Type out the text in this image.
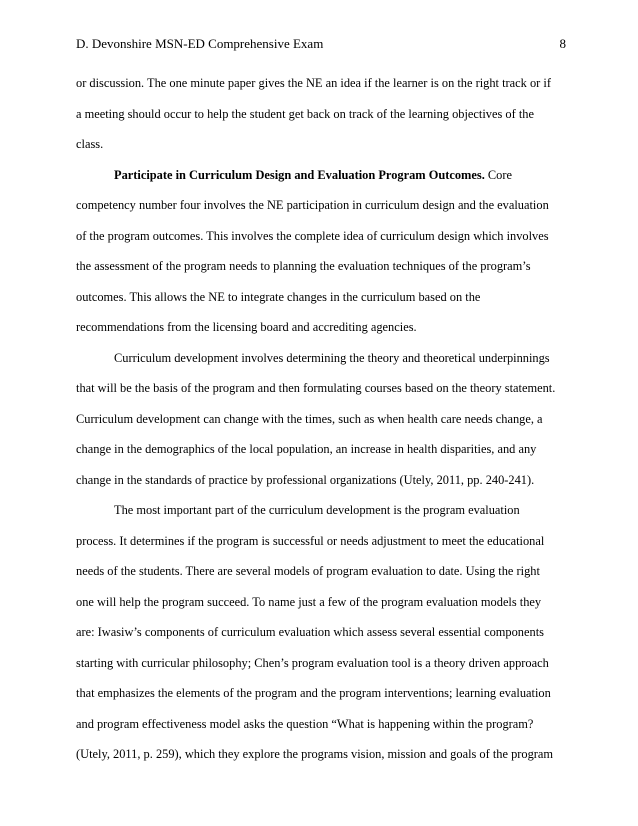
D. Devonshire MSN-ED Comprehensive Exam	8
or discussion. The one minute paper gives the NE an idea if the learner is on the right track or if
a meeting should occur to help the student get back on track of the learning objectives of the
class.
Participate in Curriculum Design and Evaluation Program Outcomes. Core
competency number four involves the NE participation in curriculum design and the evaluation
of the program outcomes. This involves the complete idea of curriculum design which involves
the assessment of the program needs to planning the evaluation techniques of the program’s
outcomes. This allows the NE to integrate changes in the curriculum based on the
recommendations from the licensing board and accrediting agencies.
Curriculum development involves determining the theory and theoretical underpinnings
that will be the basis of the program and then formulating courses based on the theory statement.
Curriculum development can change with the times, such as when health care needs change, a
change in the demographics of the local population, an increase in health disparities, and any
change in the standards of practice by professional organizations (Utely, 2011, pp. 240-241).
The most important part of the curriculum development is the program evaluation
process. It determines if the program is successful or needs adjustment to meet the educational
needs of the students. There are several models of program evaluation to date. Using the right
one will help the program succeed. To name just a few of the program evaluation models they
are: Iwasiw’s components of curriculum evaluation which assess several essential components
starting with curricular philosophy; Chen’s program evaluation tool is a theory driven approach
that emphasizes the elements of the program and the program interventions; learning evaluation
and program effectiveness model asks the question “What is happening within the program?
(Utely, 2011, p. 259), which they explore the programs vision, mission and goals of the program
